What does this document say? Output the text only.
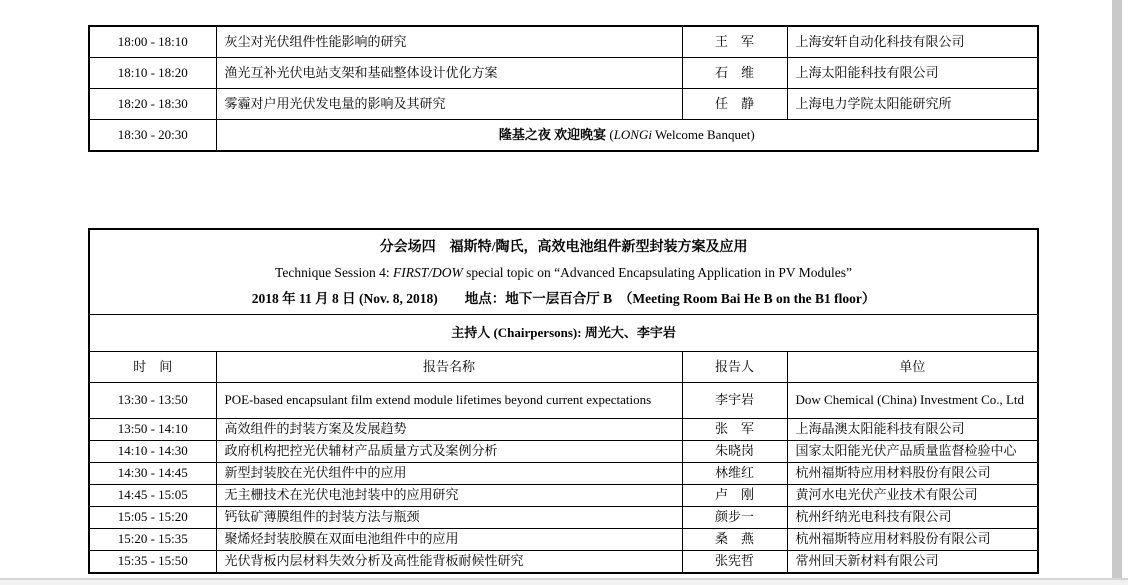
18:00 - 18:10	灰尘对光伏组件性能影响的研究	王　军	上海安轩自动化科技有限公司
18:10 - 18:20	渔光互补光伏电站支架和基础整体设计优化方案	石　维	上海太阳能科技有限公司
18:20 - 18:30	雾霾对户用光伏发电量的影响及其研究	任　静	上海电力学院太阳能研究所
18:30 - 20:30	隆基之夜 欢迎晚宴 (LONGi Welcome Banquet)		
分会场四　福斯特/陶氏，高效电池组件新型封装方案及应用
Technique Session 4: FIRST/DOW special topic on “Advanced Encapsulating Application in PV Modules”
2018 年 11 月 8 日 (Nov. 8, 2018)　　地点：地下一层百合厅 B　（Meeting Room Bai He B on the B1 floor）			

主持人 (Chairpersons): 周光大、李宇岩			
时　间	报告名称	报告人	单位
13:30 - 13:50	POE-based encapsulant film extend module lifetimes beyond current expectations	李宇岩	Dow Chemical (China) Investment Co., Ltd
13:50 - 14:10	高效组件的封装方案及发展趋势	张　军	上海晶澳太阳能科技有限公司
14:10 - 14:30	政府机构把控光伏辅材产品质量方式及案例分析	朱晓岗	国家太阳能光伏产品质量监督检验中心
14:30 - 14:45	新型封装胶在光伏组件中的应用	林维红	杭州福斯特应用材料股份有限公司
14:45 - 15:05	无主栅技术在光伏电池封装中的应用研究	卢　刚	黄河水电光伏产业技术有限公司
15:05 - 15:20	钙钛矿薄膜组件的封装方法与瓶颈	颜步一	杭州纤纳光电科技有限公司
15:20 - 15:35	聚烯烃封装胶膜在双面电池组件中的应用	桑　燕	杭州福斯特应用材料股份有限公司
15:35 - 15:50	光伏背板内层材料失效分析及高性能背板耐候性研究	张宪哲	常州回天新材料有限公司
